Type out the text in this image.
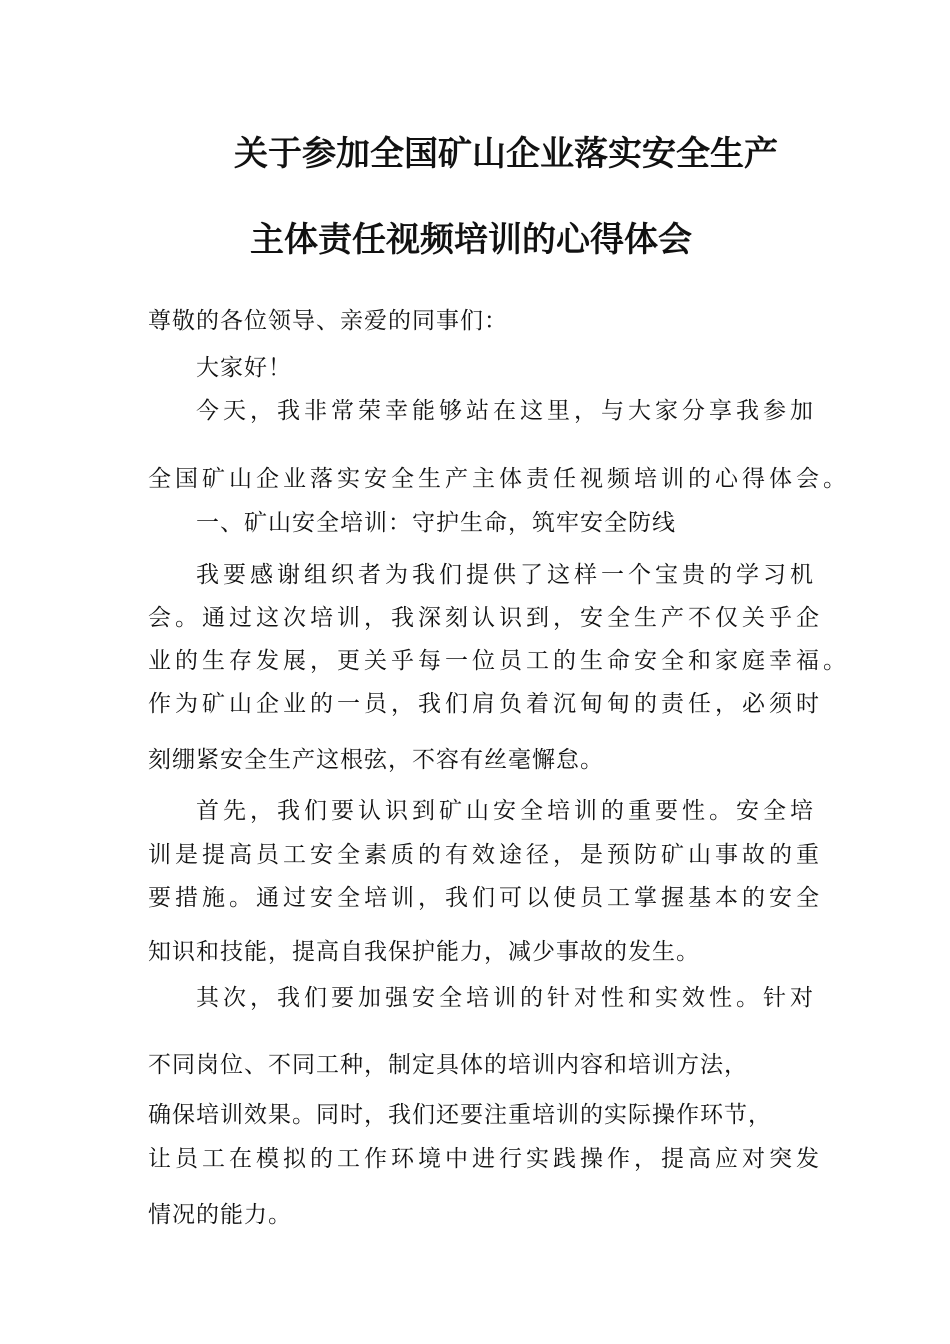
关于参加全国矿山企业落实安全生产
主体责任视频培训的心得体会
尊敬的各位领导、亲爱的同事们：
大家好！
今天，我非常荣幸能够站在这里，与大家分享我参加
全国矿山企业落实安全生产主体责任视频培训的心得体会。
一、矿山安全培训：守护生命，筑牢安全防线
我要感谢组织者为我们提供了这样一个宝贵的学习机
会。通过这次培训，我深刻认识到，安全生产不仅关乎企
业的生存发展，更关乎每一位员工的生命安全和家庭幸福。
作为矿山企业的一员，我们肩负着沉甸甸的责任，必须时
刻绷紧安全生产这根弦，不容有丝毫懈怠。
首先，我们要认识到矿山安全培训的重要性。安全培
训是提高员工安全素质的有效途径，是预防矿山事故的重
要措施。通过安全培训，我们可以使员工掌握基本的安全
知识和技能，提高自我保护能力，减少事故的发生。
其次，我们要加强安全培训的针对性和实效性。针对
不同岗位、不同工种，制定具体的培训内容和培训方法，
确保培训效果。同时，我们还要注重培训的实际操作环节，
让员工在模拟的工作环境中进行实践操作，提高应对突发
情况的能力。
